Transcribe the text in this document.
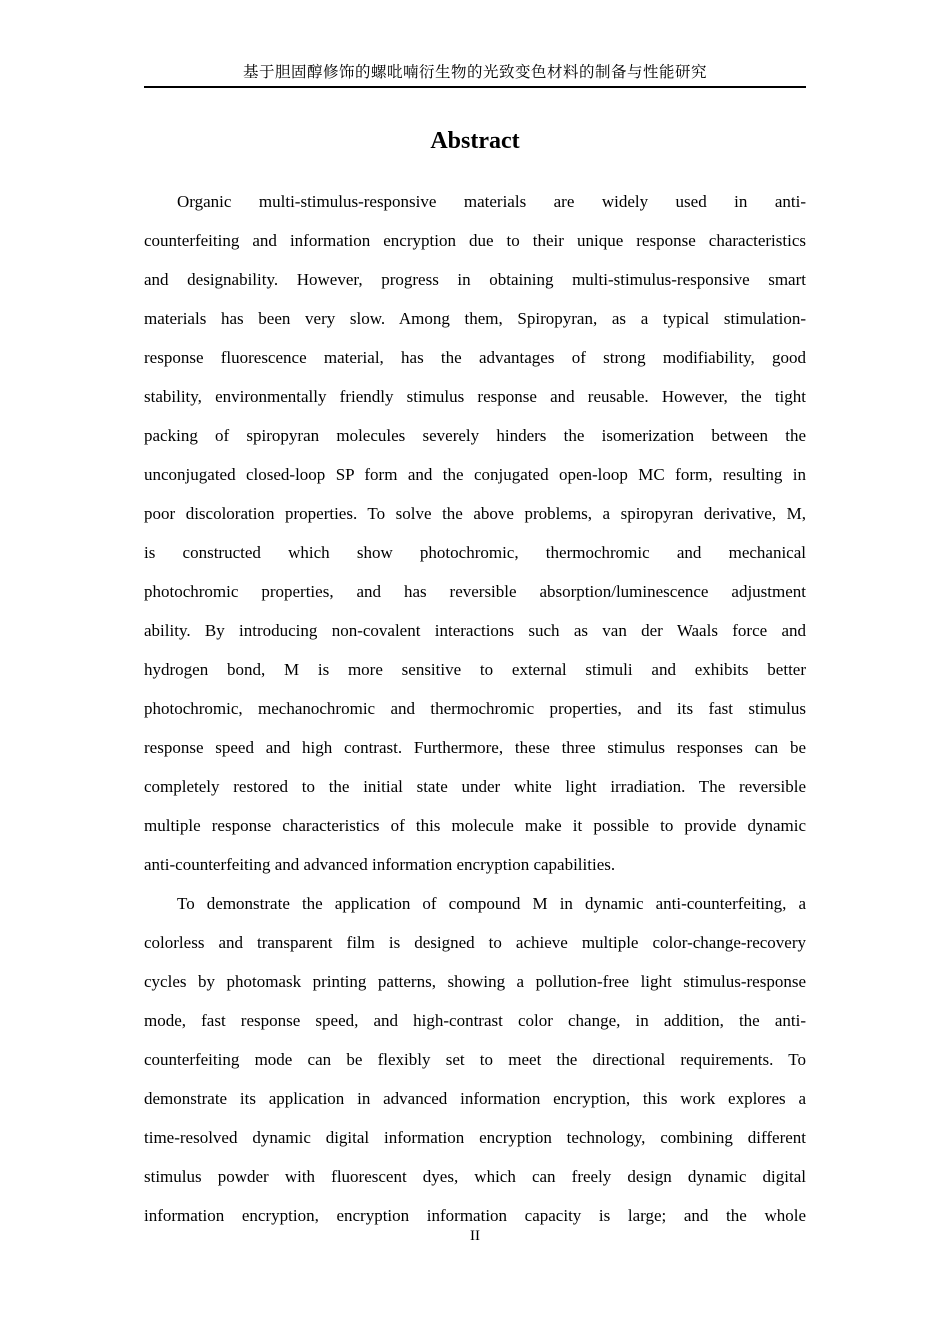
基于胆固醇修饰的螺吡喃衍生物的光致变色材料的制备与性能研究
Abstract
Organic multi-stimulus-responsive materials are widely used in anti-
counterfeiting and information encryption due to their unique response characteristics
and designability. However, progress in obtaining multi-stimulus-responsive smart
materials has been very slow. Among them, Spiropyran, as a typical stimulation-
response fluorescence material, has the advantages of strong modifiability, good
stability, environmentally friendly stimulus response and reusable. However, the tight
packing of spiropyran molecules severely hinders the isomerization between the
unconjugated closed-loop SP form and the conjugated open-loop MC form, resulting in
poor discoloration properties. To solve the above problems, a spiropyran derivative, M,
is constructed which show photochromic, thermochromic and mechanical
photochromic properties, and has reversible absorption/luminescence adjustment
ability. By introducing non-covalent interactions such as van der Waals force and
hydrogen bond, M is more sensitive to external stimuli and exhibits better
photochromic, mechanochromic and thermochromic properties, and its fast stimulus
response speed and high contrast. Furthermore, these three stimulus responses can be
completely restored to the initial state under white light irradiation. The reversible
multiple response characteristics of this molecule make it possible to provide dynamic
anti-counterfeiting and advanced information encryption capabilities.
To demonstrate the application of compound M in dynamic anti-counterfeiting, a
colorless and transparent film is designed to achieve multiple color-change-recovery
cycles by photomask printing patterns, showing a pollution-free light stimulus-response
mode, fast response speed, and high-contrast color change, in addition, the anti-
counterfeiting mode can be flexibly set to meet the directional requirements. To
demonstrate its application in advanced information encryption, this work explores a
time-resolved dynamic digital information encryption technology, combining different
stimulus powder with fluorescent dyes, which can freely design dynamic digital
information encryption, encryption information capacity is large; and the whole
II
